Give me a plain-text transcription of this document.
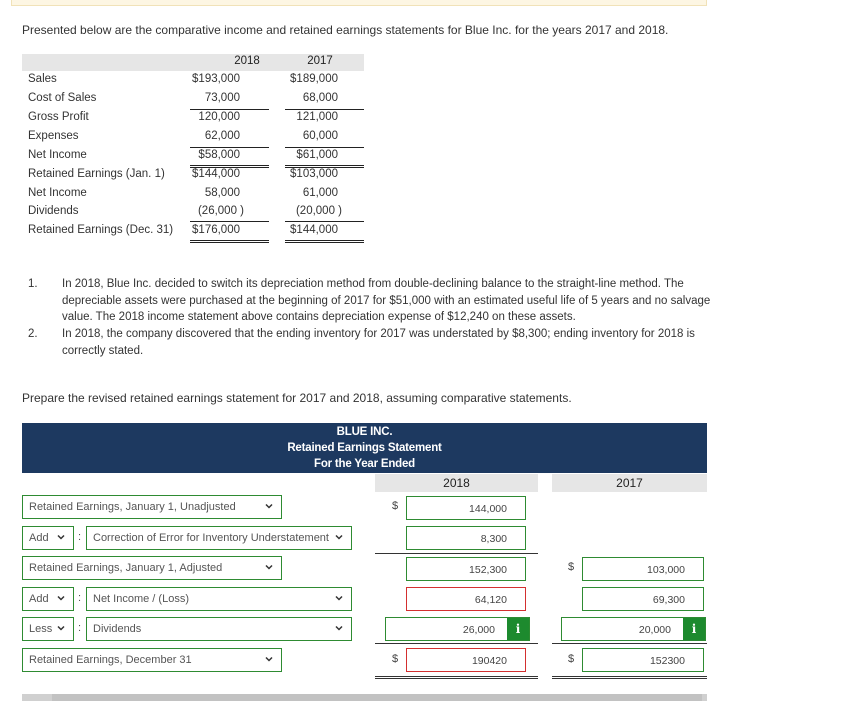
Presented below are the comparative income and retained earnings statements for Blue Inc. for the years 2017 and 2018.
2018	2017
Sales	$193,000	$189,000
Cost of Sales	73,000	68,000
Gross Profit	120,000	121,000
Expenses	62,000	60,000
Net Income	$58,000	$61,000
Retained Earnings (Jan. 1)	$144,000	$103,000
Net Income	58,000	61,000
Dividends	(26,000 )	(20,000 )
Retained Earnings (Dec. 31)	$176,000	$144,000
1. In 2018, Blue Inc. decided to switch its depreciation method from double-declining balance to the straight-line method. The depreciable assets were purchased at the beginning of 2017 for $51,000 with an estimated useful life of 5 years and no salvage value. The 2018 income statement above contains depreciation expense of $12,240 on these assets.
2. In 2018, the company discovered that the ending inventory for 2017 was understated by $8,300; ending inventory for 2018 is correctly stated.
Prepare the revised retained earnings statement for 2017 and 2018, assuming comparative statements.
BLUE INC.
Retained Earnings Statement
For the Year Ended
2018	2017
Retained Earnings, January 1, Unadjusted	$	144,000
Add	:	Correction of Error for Inventory Understatement	8,300
Retained Earnings, January 1, Adjusted	152,300	$	103,000
Add	:	Net Income / (Loss)	64,120	69,300
Less	:	Dividends	26,000	i	20,000	i
Retained Earnings, December 31	$	190420	$	152300
